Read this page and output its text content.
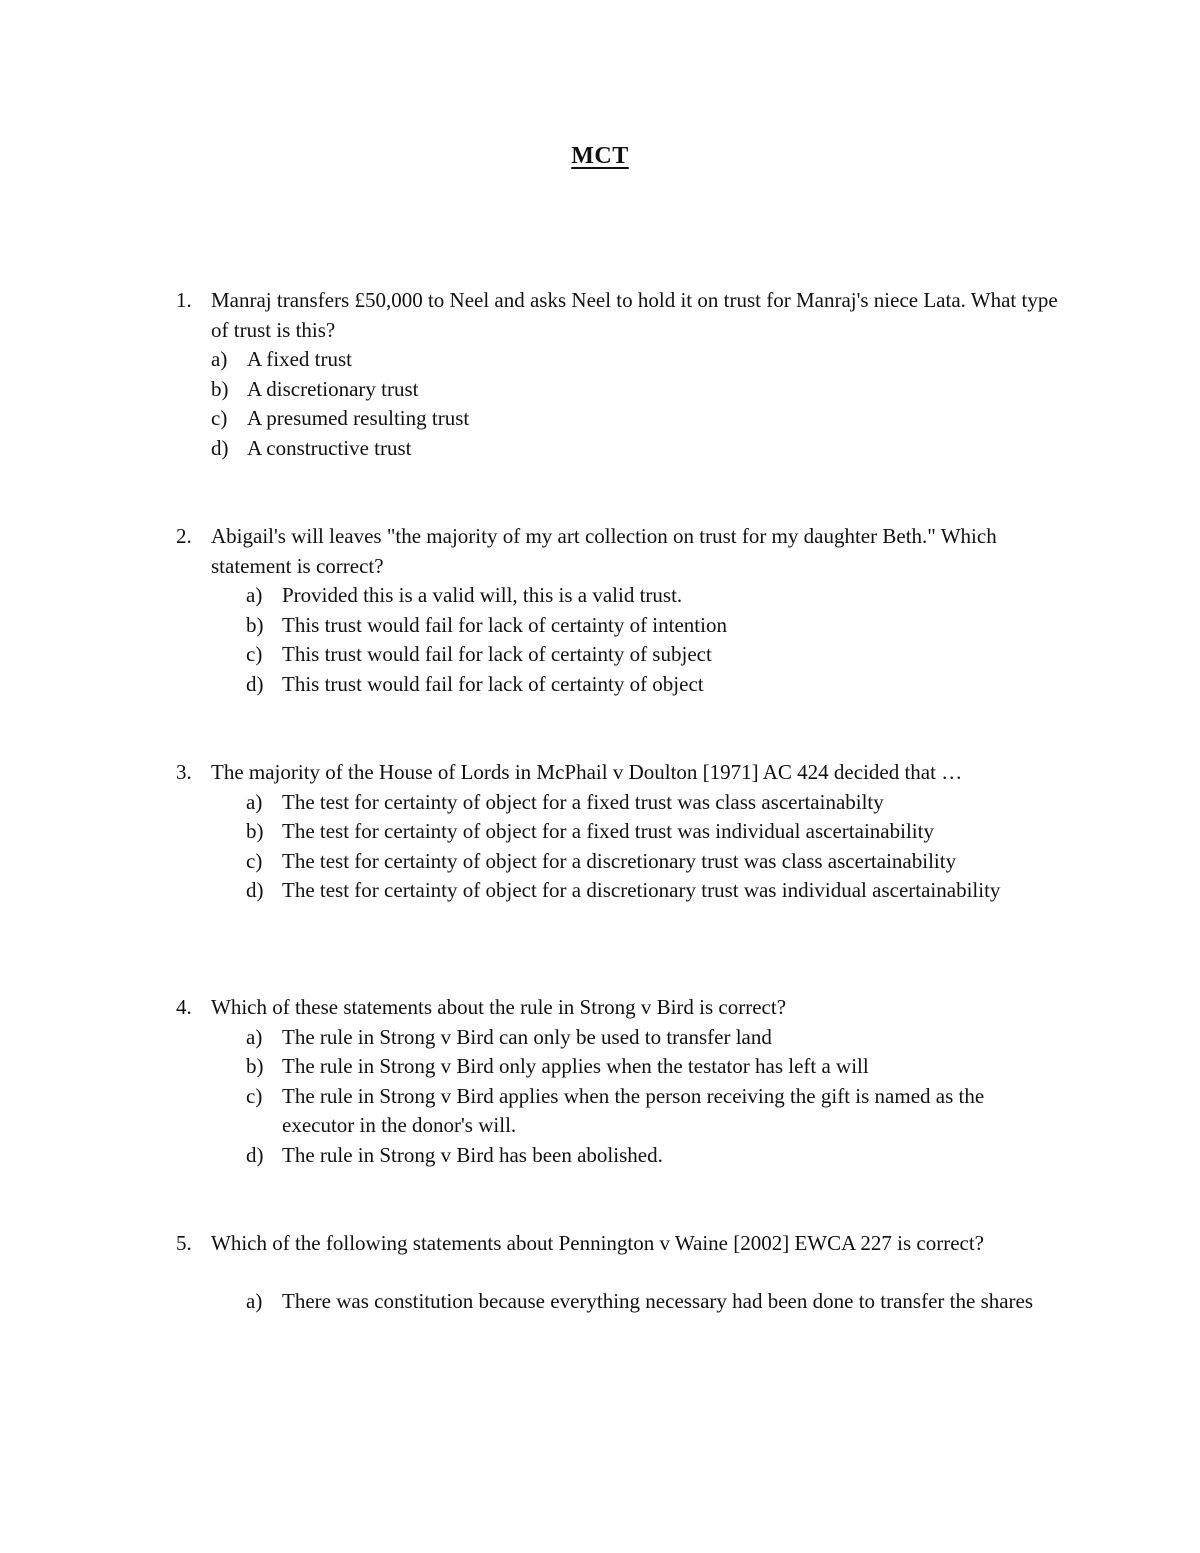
MCT
1. Manraj transfers £50,000 to Neel and asks Neel to hold it on trust for Manraj's niece Lata. What type of trust is this?
a) A fixed trust
b) A discretionary trust
c) A presumed resulting trust
d) A constructive trust
2. Abigail's will leaves "the majority of my art collection on trust for my daughter Beth." Which statement is correct?
a) Provided this is a valid will, this is a valid trust.
b) This trust would fail for lack of certainty of intention
c) This trust would fail for lack of certainty of subject
d) This trust would fail for lack of certainty of object
3. The majority of the House of Lords in McPhail v Doulton [1971] AC 424 decided that …
a) The test for certainty of object for a fixed trust was class ascertainabilty
b) The test for certainty of object for a fixed trust was individual ascertainability
c) The test for certainty of object for a discretionary trust was class ascertainability
d) The test for certainty of object for a discretionary trust was individual ascertainability
4. Which of these statements about the rule in Strong v Bird is correct?
a) The rule in Strong v Bird can only be used to transfer land
b) The rule in Strong v Bird only applies when the testator has left a will
c) The rule in Strong v Bird applies when the person receiving the gift is named as the executor in the donor's will.
d) The rule in Strong v Bird has been abolished.
5. Which of the following statements about Pennington v Waine [2002] EWCA 227 is correct?
a) There was constitution because everything necessary had been done to transfer the shares
